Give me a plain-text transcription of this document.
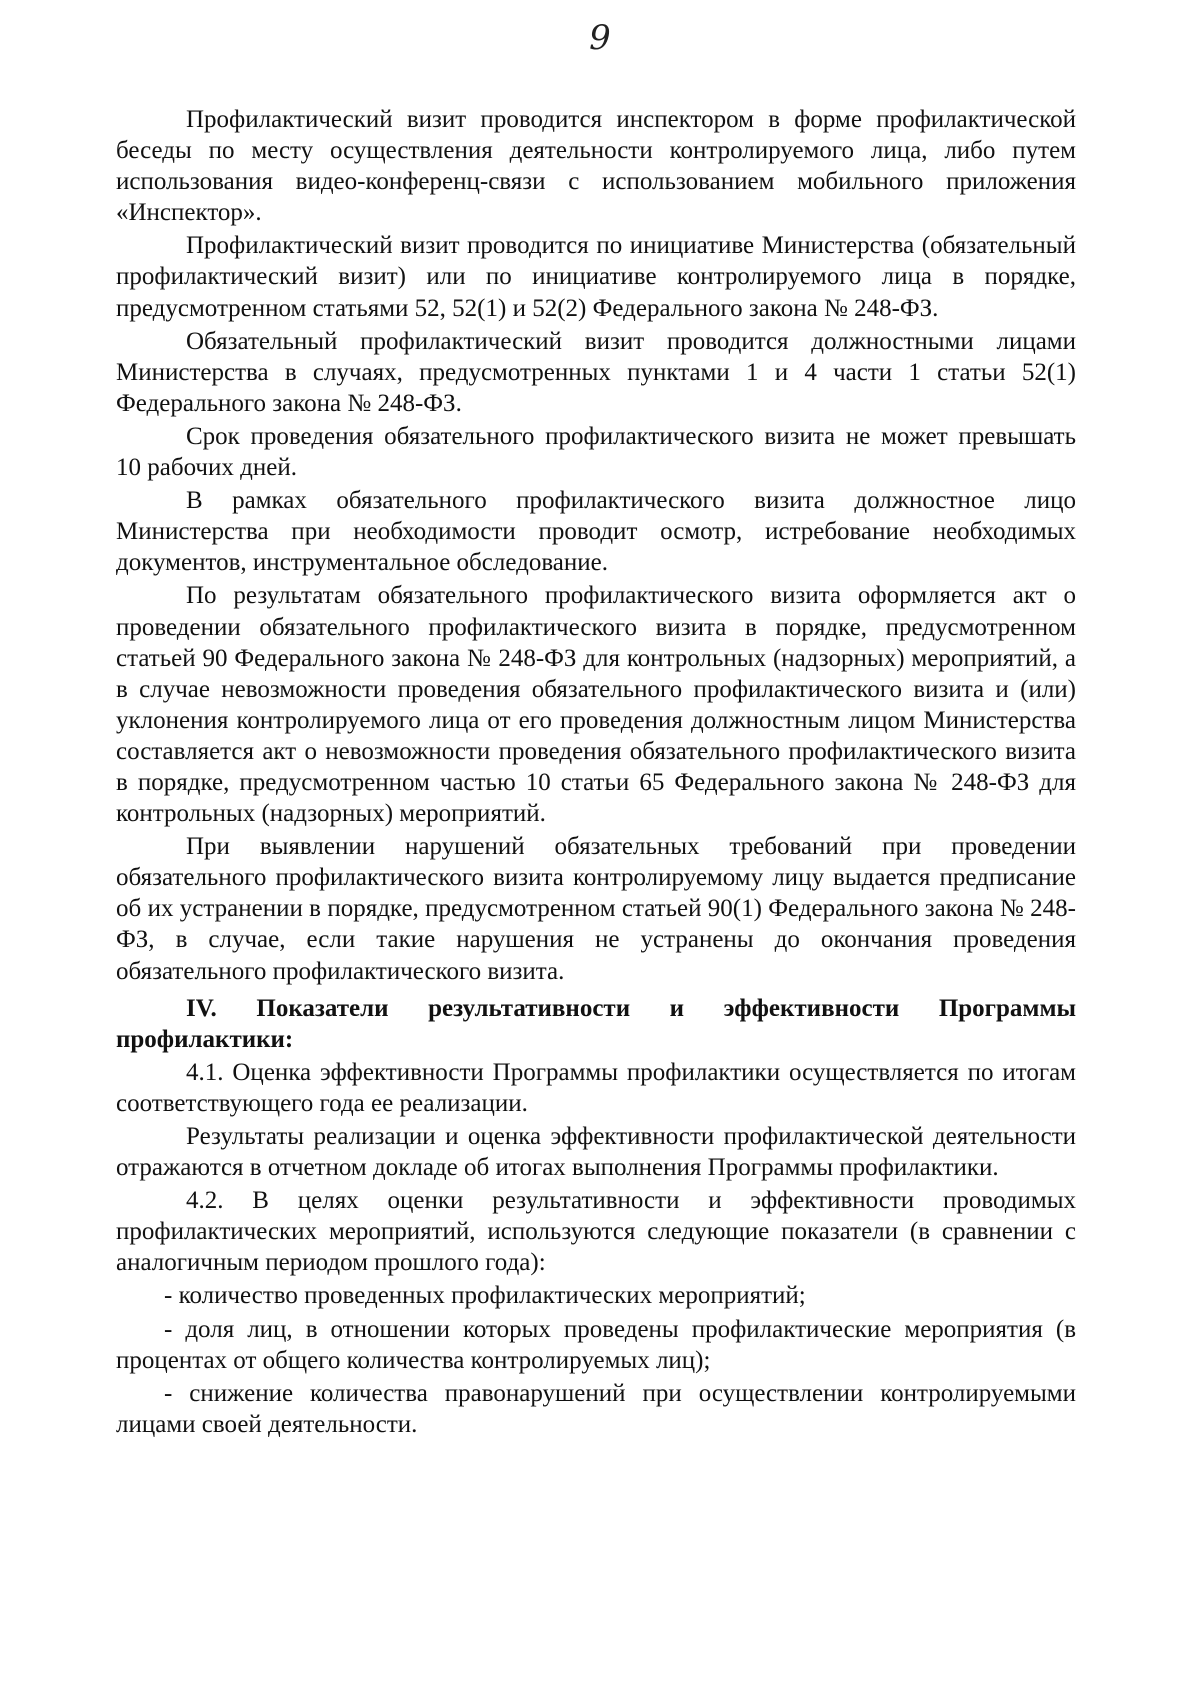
9

Профилактический визит проводится инспектором в форме профилактической беседы по месту осуществления деятельности контролируемого лица, либо путем использования видео-конференц-связи с использованием мобильного приложения «Инспектор».

Профилактический визит проводится по инициативе Министерства (обязательный профилактический визит) или по инициативе контролируемого лица в порядке, предусмотренном статьями 52, 52(1) и 52(2) Федерального закона № 248-ФЗ.

Обязательный профилактический визит проводится должностными лицами Министерства в случаях, предусмотренных пунктами 1 и 4 части 1 статьи 52(1) Федерального закона № 248-ФЗ.

Срок проведения обязательного профилактического визита не может превышать 10 рабочих дней.

В рамках обязательного профилактического визита должностное лицо Министерства при необходимости проводит осмотр, истребование необходимых документов, инструментальное обследование.

По результатам обязательного профилактического визита оформляется акт о проведении обязательного профилактического визита в порядке, предусмотренном статьей 90 Федерального закона № 248-ФЗ для контрольных (надзорных) мероприятий, а в случае невозможности проведения обязательного профилактического визита и (или) уклонения контролируемого лица от его проведения должностным лицом Министерства составляется акт о невозможности проведения обязательного профилактического визита в порядке, предусмотренном частью 10 статьи 65 Федерального закона № 248-ФЗ для контрольных (надзорных) мероприятий.

При выявлении нарушений обязательных требований при проведении обязательного профилактического визита контролируемому лицу выдается предписание об их устранении в порядке, предусмотренном статьей 90(1) Федерального закона № 248-ФЗ, в случае, если такие нарушения не устранены до окончания проведения обязательного профилактического визита.

IV. Показатели результативности и эффективности Программы профилактики:

4.1. Оценка эффективности Программы профилактики осуществляется по итогам соответствующего года ее реализации.

Результаты реализации и оценка эффективности профилактической деятельности отражаются в отчетном докладе об итогах выполнения Программы профилактики.

4.2. В целях оценки результативности и эффективности проводимых профилактических мероприятий, используются следующие показатели (в сравнении с аналогичным периодом прошлого года):

- количество проведенных профилактических мероприятий;

- доля лиц, в отношении которых проведены профилактические мероприятия (в процентах от общего количества контролируемых лиц);

- снижение количества правонарушений при осуществлении контролируемыми лицами своей деятельности.
